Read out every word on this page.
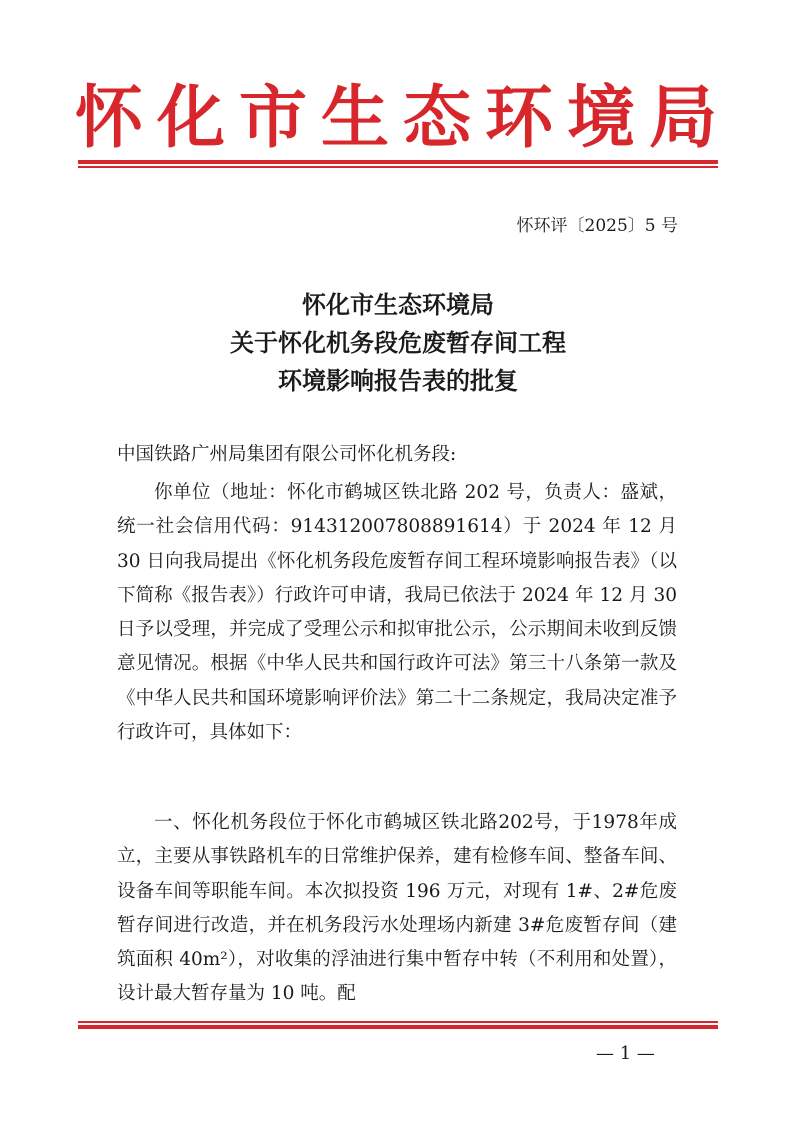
怀化市生态环境局
怀环评〔2025〕5 号
怀化市生态环境局
关于怀化机务段危废暂存间工程
环境影响报告表的批复
中国铁路广州局集团有限公司怀化机务段:

你单位（地址：怀化市鹤城区铁北路 202 号，负责人：盛斌，统一社会信用代码：91431200780889161​4）于 2024 年 12 月 30 日向我局提出《怀化机务段危废暂存间工程环境影响报告表》（以下简称《报告表》）行政许可申请，我局已依法于 2024 年 12 月 30 日予以受理，并完成了受理公示和拟审批公示，公示期间未收到反馈意见情况。根据《中华人民共和国行政许可法》第三十八条第一款及《中华人民共和国环境影响评价法》第二十二条规定，我局决定准予行政许可，具体如下：

一、怀化机务段位于怀化市鹤城区铁北路202号，于1978年成立，主要从事铁路机车的日常维护保养，建有检修车间、整备车间、设备车间等职能车间。本次拟投资 196 万元，对现有 1#、2#危废暂存间进行改造，并在机务段污水处理场内新建 3#危废暂存间（建筑面积 40m²），对收集的浮油进行集中暂存中转（不利用和处置），设计最大暂存量为 10 吨。配

— 1 —
